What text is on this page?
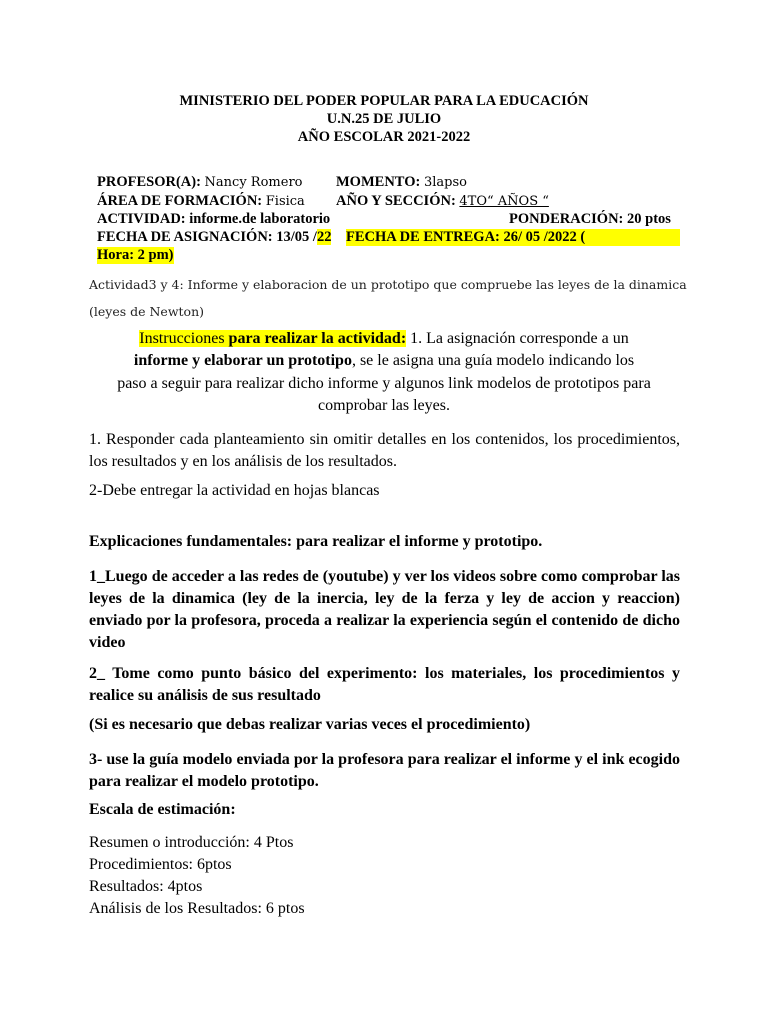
MINISTERIO DEL PODER POPULAR PARA LA EDUCACIÓN
U.N.25 DE JULIO
AÑO ESCOLAR 2021-2022
PROFESOR(A): Nancy Romero MOMENTO: 3lapso
ÁREA DE FORMACIÓN: Fisica AÑO Y SECCIÓN: 4TO“ AÑOS “
ACTIVIDAD: informe.de laboratorio	PONDERACIÓN: 20 ptos
FECHA DE ASIGNACIÓN: 13/05 /22 FECHA DE ENTREGA: 26/ 05 /2022 (
Hora: 2 pm)
Actividad3 y 4: Informe y elaboracion de un prototipo que compruebe las leyes de la dinamica
(leyes de Newton)
Instrucciones para realizar la actividad: 1. La asignación corresponde a un
informe y elaborar un prototipo, se le asigna una guía modelo indicando los
paso a seguir para realizar dicho informe y algunos link modelos de prototipos para
comprobar las leyes.
1. Responder cada planteamiento sin omitir detalles en los contenidos, los procedimientos, los resultados y en los análisis de los resultados.
2-Debe entregar la actividad en hojas blancas
Explicaciones fundamentales: para realizar el informe y prototipo.
1_Luego de acceder a las redes de (youtube) y ver los videos sobre como comprobar las leyes de la dinamica (ley de la inercia, ley de la ferza y ley de accion y reaccion) enviado por la profesora, proceda a realizar la experiencia según el contenido de dicho video
2_ Tome como punto básico del experimento: los materiales, los procedimientos y realice su análisis de sus resultado
(Si es necesario que debas realizar varias veces el procedimiento)
3- use la guía modelo enviada por la profesora para realizar el informe y el ink ecogido para realizar el modelo prototipo.
Escala de estimación:
Resumen o introducción: 4 Ptos
Procedimientos: 6ptos
Resultados: 4ptos
Análisis de los Resultados: 6 ptos
